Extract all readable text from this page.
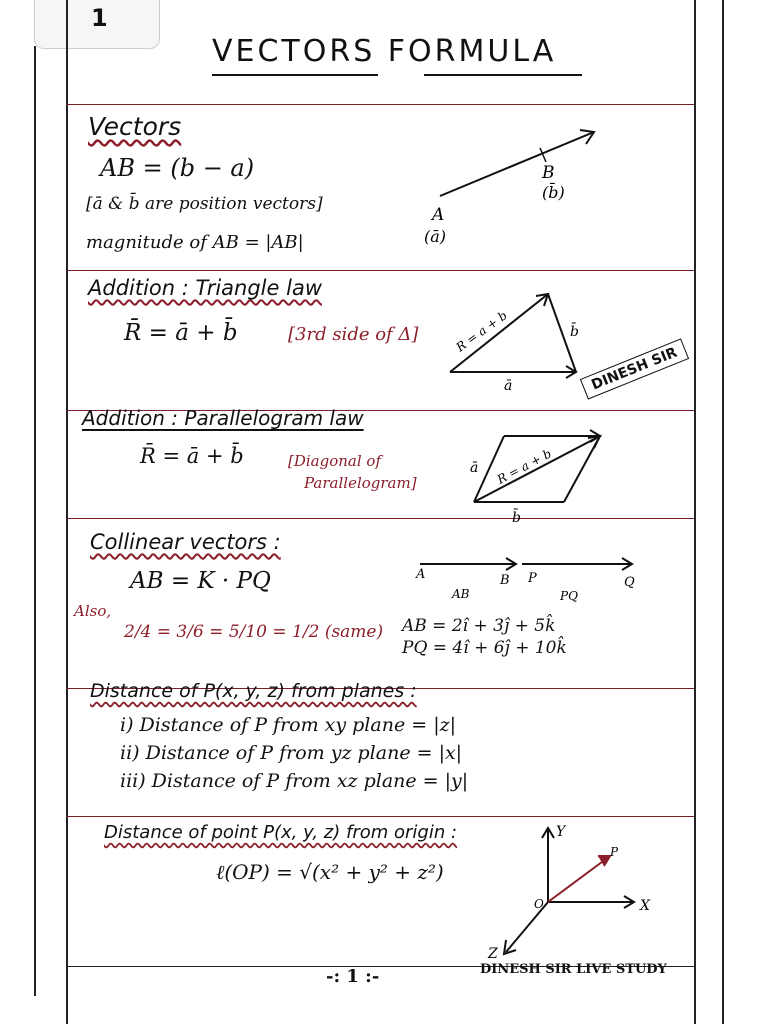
1
VECTORS FORMULA
Vectors
AB = (b − a)
[ā & b̄ are position vectors]
magnitude of AB = |AB|
A
(ā)
B
(b̄)
Addition : Triangle law
R̄ = ā + b̄	[3rd side of Δ]	R = a + b
ā
b̄
DINESH SIR
Addition : Parallelogram law
R̄ = ā + b̄	[Diagonal of
Parallelogram]
ā R = a + b
b̄
Collinear vectors :
AB = K · PQ
Also,
2/4 = 3/6 = 5/10 = 1/2 (same) AB = 2î + 3ĵ + 5k̂
PQ = 4î + 6ĵ + 10k̂
A	B P	Q
AB	PQ
Distance of P(x, y, z) from planes :
i) Distance of P from xy plane = |z|
ii) Distance of P from yz plane = |x|
iii) Distance of P from xz plane = |y|
Distance of point P(x, y, z) from origin :
ℓ(OP) = √(x² + y² + z²)
Y
X
Z
O
P
-: 1 :-	DINESH SIR LIVE STUDY
